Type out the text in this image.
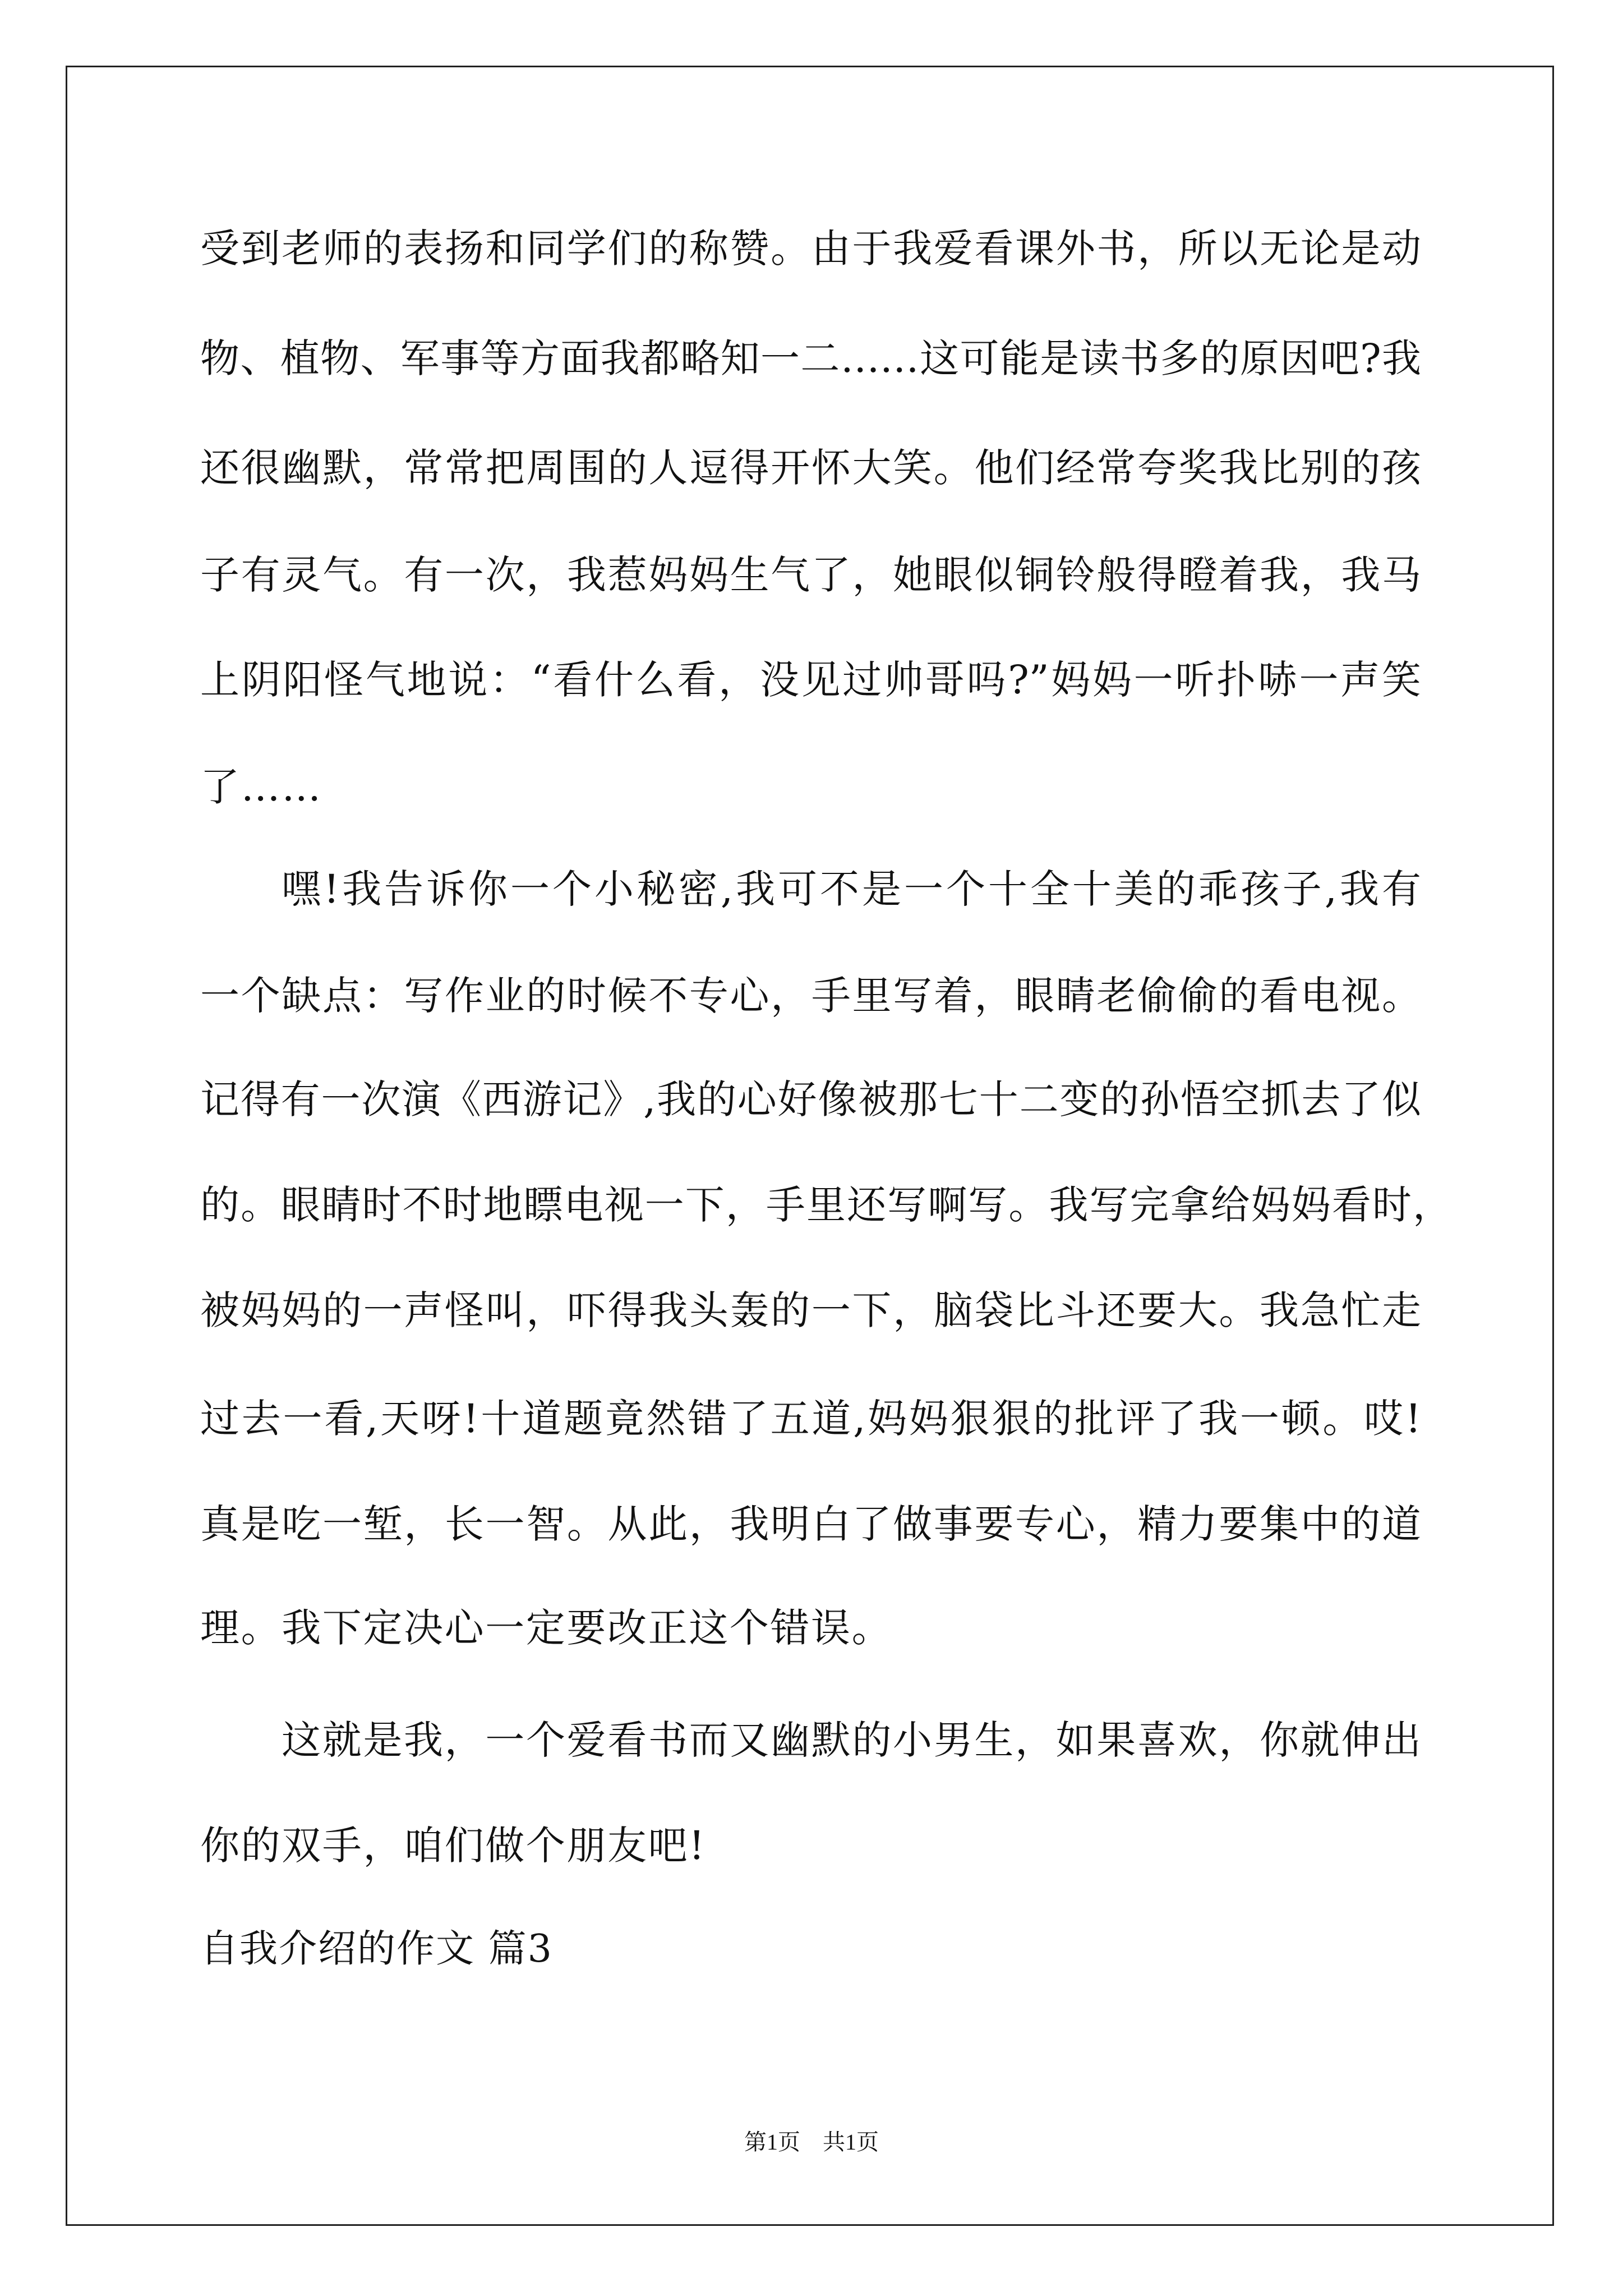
受到老师的表扬和同学们的称赞。由于我爱看课外书，所以无论是动
物、植物、军事等方面我都略知一二……这可能是读书多的原因吧?我
还很幽默，常常把周围的人逗得开怀大笑。他们经常夸奖我比别的孩
子有灵气。有一次，我惹妈妈生气了，她眼似铜铃般得瞪着我，我马
上阴阳怪气地说：“看什么看，没见过帅哥吗?”妈妈一听扑哧一声笑
了……
嘿!我告诉你一个小秘密,我可不是一个十全十美的乖孩子,我有
一个缺点：写作业的时候不专心，手里写着，眼睛老偷偷的看电视。
记得有一次演《西游记》,我的心好像被那七十二变的孙悟空抓去了似
的。眼睛时不时地瞟电视一下，手里还写啊写。我写完拿给妈妈看时，
被妈妈的一声怪叫，吓得我头轰的一下，脑袋比斗还要大。我急忙走
过去一看,天呀!十道题竟然错了五道,妈妈狠狠的批评了我一顿。哎!
真是吃一堑，长一智。从此，我明白了做事要专心，精力要集中的道
理。我下定决心一定要改正这个错误。
这就是我，一个爱看书而又幽默的小男生，如果喜欢，你就伸出
你的双手，咱们做个朋友吧!
自我介绍的作文 篇3
第1页　共1页
